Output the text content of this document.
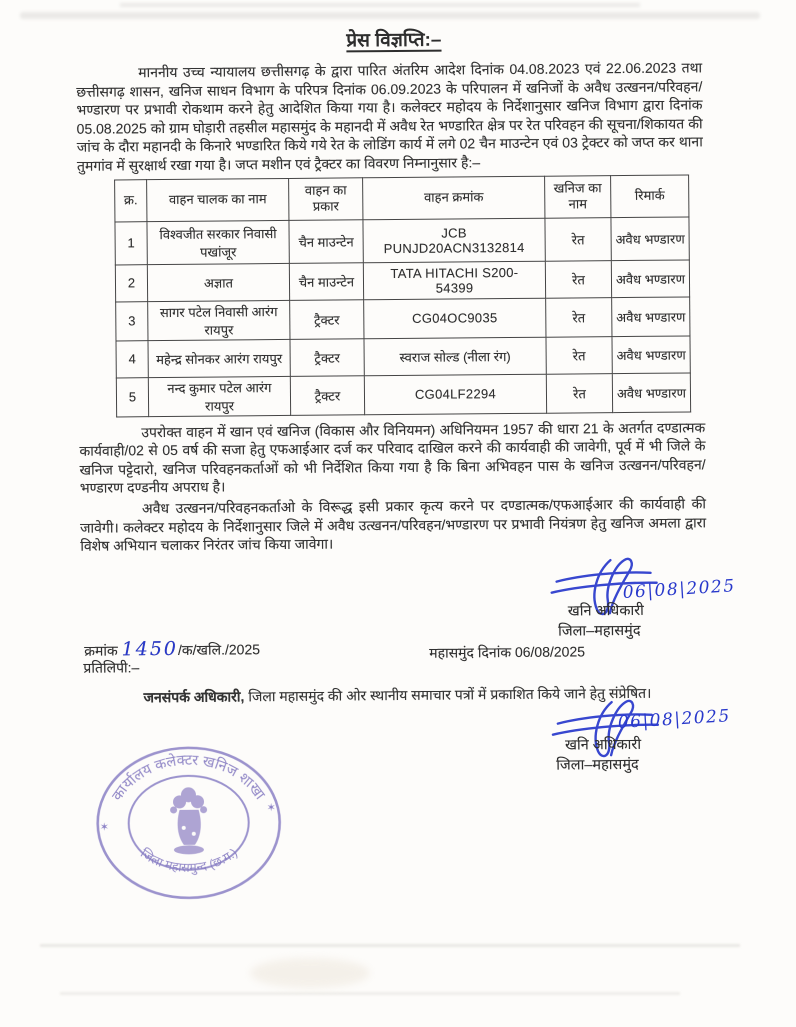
प्रेस विज्ञप्ति:–

माननीय उच्च न्यायालय छत्तीसगढ़ के द्वारा पारित अंतरिम आदेश दिनांक 04.08.2023 एवं 22.06.2023 तथा छत्तीसगढ़ शासन, खनिज साधन विभाग के परिपत्र दिनांक 06.09.2023 के परिपालन में खनिजों के अवैध उत्खनन/परिवहन/भण्डारण पर प्रभावी रोकथाम करने हेतु आदेशित किया गया है। कलेक्टर महोदय के निर्देशानुसार खनिज विभाग द्वारा दिनांक 05.08.2025 को ग्राम घोड़ारी तहसील महासमुंद के महानदी में अवैध रेत भण्डारित क्षेत्र पर रेत परिवहन की सूचना/शिकायत की जांच के दौरा महानदी के किनारे भण्डारित किये गये रेत के लोडिंग कार्य में लगे 02 चैन माउन्टेन एवं 03 ट्रेक्टर को जप्त कर थाना तुमगांव में सुरक्षार्थ रखा गया है। जप्त मशीन एवं ट्रैक्टर का विवरण निम्नानुसार है:–

क्र.	वाहन चालक का नाम	वाहन का प्रकार	वाहन क्रमांक	खनिज का नाम	रिमार्क
1	विश्वजीत सरकार निवासी पखांजूर	चैन माउन्टेन	JCB
PUNJD20ACN3132814	रेत	अवैध भण्डारण
2	अज्ञात	चैन माउन्टेन	TATA HITACHI S200-
54399	रेत	अवैध भण्डारण
3	सागर पटेल निवासी आरंग रायपुर	ट्रैक्टर	CG04OC9035	रेत	अवैध भण्डारण
4	महेन्द्र सोनकर आरंग रायपुर	ट्रैक्टर	स्वराज सोल्ड (नीला रंग)	रेत	अवैध भण्डारण
5	नन्द कुमार पटेल आरंग रायपुर	ट्रैक्टर	CG04LF2294	रेत	अवैध भण्डारण

उपरोक्त वाहन में खान एवं खनिज (विकास और विनियमन) अधिनियमन 1957 की धारा 21 के अतर्गत दण्डात्मक कार्यवाही/02 से 05 वर्ष की सजा हेतु एफआईआर दर्ज कर परिवाद दाखिल करने की कार्यवाही की जावेगी, पूर्व में भी जिले के खनिज पट्टेदारो, खनिज परिवहनकर्ताओं को भी निर्देशित किया गया है कि बिना अभिवहन पास के खनिज उत्खनन/परिवहन/भण्डारण दण्डनीय अपराध है।

अवैध उत्खनन/परिवहनकर्ताओ के विरूद्ध इसी प्रकार कृत्य करने पर दण्डात्मक/एफआईआर की कार्यवाही की जावेगी। कलेक्टर महोदय के निर्देशानुसार जिले में अवैध उत्खनन/परिवहन/भण्डारण पर प्रभावी नियंत्रण हेतु खनिज अमला द्वारा विशेष अभियान चलाकर निरंतर जांच किया जावेगा।

06|08|2025
खनि अधिकारी
जिला–महासमुंद
क्रमांक 1450/क/खलि./2025	महासमुंद दिनांक 06/08/2025
प्रतिलिपी:–

जनसंपर्क अधिकारी, जिला महासमुंद की ओर स्थानीय समाचार पत्रों में प्रकाशित किये जाने हेतु संप्रेषित।

06|08|2025
खनि अधिकारी
जिला–महासमुंद
कार्यालय कलेक्टर खनिज शाखा
जिला महासमुन्द (छ.ग.)
✶
✶
